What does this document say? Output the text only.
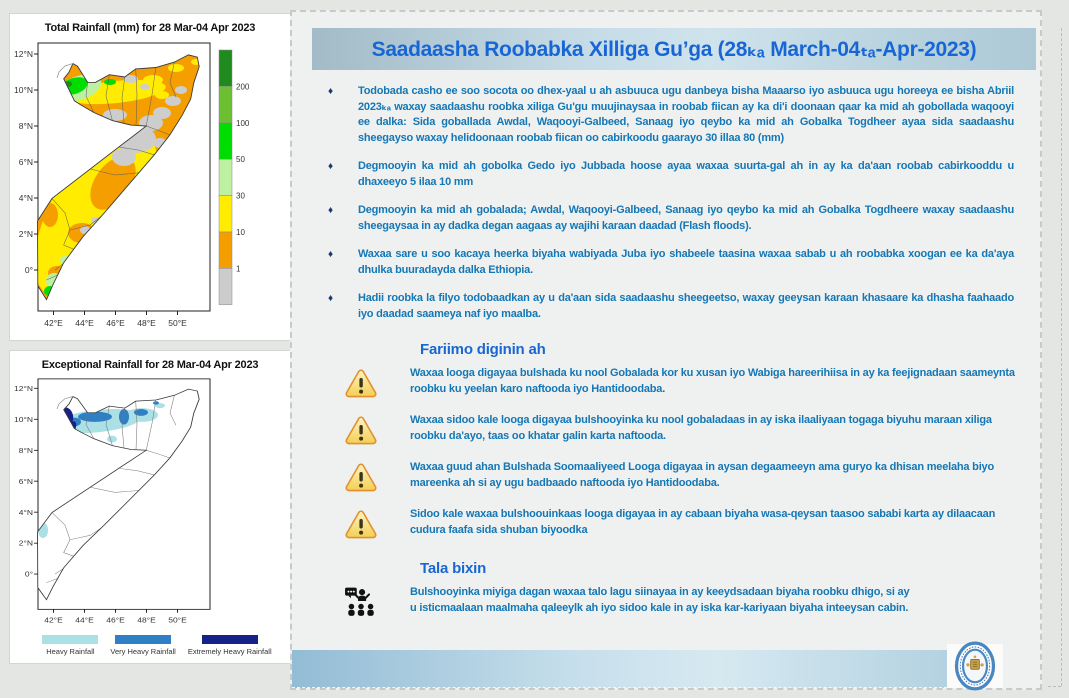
Total Rainfall (mm) for 28 Mar-04 Apr 2023
12°N
10°N
8°N
6°N
4°N
2°N
0°
42°E 44°E 46°E 48°E 50°E
200
100
50
30
10
1
Exceptional Rainfall for 28 Mar-04 Apr 2023
12°N
10°N
8°N
6°N
4°N
2°N
0°
42°E 44°E 46°E 48°E 50°E
Heavy Rainfall Very Heavy Rainfall Extremely Heavy Rainfall
Saadaasha Roobabka Xilliga Gu’ga (28ₖₐ March-04ₜₐ-Apr-2023)
♦	Todobada casho ee soo socota oo dhex-yaal u ah asbuuca ugu danbeya bisha Maaarso iyo asbuuca ugu horeeya ee bisha Abriil 2023ₖₐ waxay saadaashu roobka xiliga Gu'gu muujinaysaa in roobab fiican ay ka di'i doonaan qaar ka mid ah gobollada waqooyi ee dalka: Sida goballada Awdal, Waqooyi-Galbeed, Sanaag iyo qeybo ka mid ah Gobalka Togdheer ayaa sida saadaashu sheegayso waxay helidoonaan roobab fiican oo cabirkoodu gaarayo 30 illaa 80 (mm)

♦	Degmooyin ka mid ah gobolka Gedo iyo Jubbada hoose ayaa waxaa suurta-gal ah in ay ka da'aan roobab cabirkooddu u dhaxeeyo 5 ilaa 10 mm

♦	Degmooyin ka mid ah gobalada; Awdal, Waqooyi-Galbeed, Sanaag iyo qeybo ka mid ah Gobalka Togdheere waxay saadaashu sheegaysaa in ay dadka degan aagaas ay wajihi karaan daadad (Flash floods).

♦	Waxaa sare u soo kacaya heerka biyaha wabiyada Juba iyo shabeele taasina waxaa sabab u ah roobabka xoogan ee ka da'aya dhulka buuradayda dalka Ethiopia.

♦	Hadii roobka la filyo todobaadkan ay u da'aan sida saadaashu sheegeetso, waxay geeysan karaan khasaare ka dhasha faahaado iyo daadad saameya naf iyo maalba.

Fariimo diginin ah

Waxaa looga digayaa bulshada ku nool Gobalada kor ku xusan iyo Wabiga hareerihiisa in ay ka feejignadaan saameynta roobku ku yeelan karo naftooda iyo Hantidoodaba.

Waxaa sidoo kale looga digayaa bulshooyinka ku nool gobaladaas in ay iska ilaaliyaan togaga biyuhu maraan xiliga roobku da'ayo, taas oo khatar galin karta naftooda.

Waxaa guud ahan Bulshada Soomaaliyeed Looga digayaa in aysan degaameeyn ama guryo ka dhisan meelaha biyo mareenka ah si ay ugu badbaado naftooda iyo Hantidoodaba.

Sidoo kale waxaa bulshoouinkaas looga digayaa in ay cabaan biyaha wasa-qeysan taasoo sababi karta ay dilaacaan cudura faafa sida shuban biyoodka

Tala bixin

Bulshooyinka miyiga dagan waxaa talo lagu siinayaa in ay keeydsadaan biyaha roobku dhigo, si ay u isticmaalaan maalmaha qaleeylk ah iyo sidoo kale in ay iska kar-kariyaan biyaha inteeysan cabin.
